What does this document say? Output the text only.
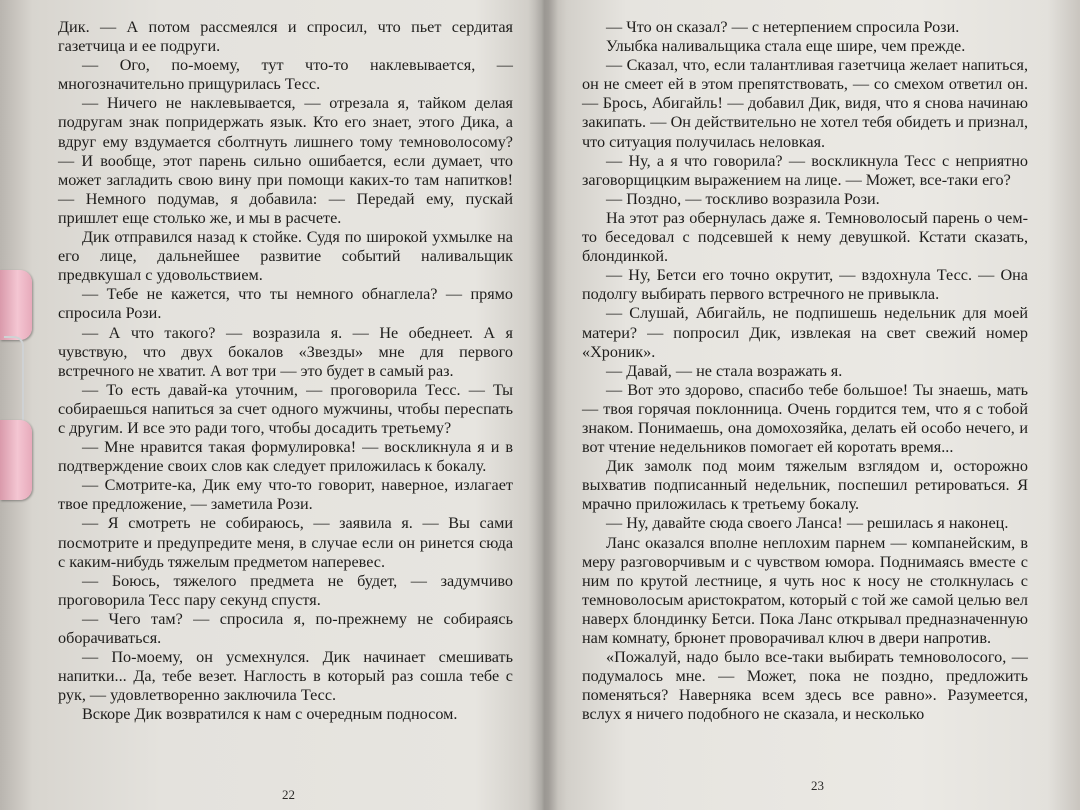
Дик. — А потом рассмеялся и спросил, что пьет сердитая газетчица и ее подруги.

— Ого, по-моему, тут что-то наклевывается, — многозначительно прищурилась Тесс.

— Ничего не наклевывается, — отрезала я, тайком делая подругам знак попридержать язык. Кто его знает, этого Дика, а вдруг ему вздумается сболтнуть лишнего тому темноволосому? — И вообще, этот парень сильно ошибается, если думает, что может загладить свою вину при помощи каких-то там напитков! — Немного подумав, я добавила: — Передай ему, пускай пришлет еще столько же, и мы в расчете.

Дик отправился назад к стойке. Судя по широкой ухмылке на его лице, дальнейшее развитие событий наливальщик предвкушал с удовольствием.

— Тебе не кажется, что ты немного обнаглела? — прямо спросила Рози.

— А что такого? — возразила я. — Не обеднеет. А я чувствую, что двух бокалов «Звезды» мне для первого встречного не хватит. А вот три — это будет в самый раз.

— То есть давай-ка уточним, — проговорила Тесс. — Ты собираешься напиться за счет одного мужчины, чтобы переспать с другим. И все это ради того, чтобы досадить третьему?

— Мне нравится такая формулировка! — воскликнула я и в подтверждение своих слов как следует приложилась к бокалу.

— Смотрите-ка, Дик ему что-то говорит, наверное, излагает твое предложение, — заметила Рози.

— Я смотреть не собираюсь, — заявила я. — Вы сами посмотрите и предупредите меня, в случае если он ринется сюда с каким-нибудь тяжелым предметом наперевес.

— Боюсь, тяжелого предмета не будет, — задумчиво проговорила Тесс пару секунд спустя.

— Чего там? — спросила я, по-прежнему не собираясь оборачиваться.

— По-моему, он усмехнулся. Дик начинает смешивать напитки... Да, тебе везет. Наглость в который раз сошла тебе с рук, — удовлетворенно заключила Тесс.

Вскоре Дик возвратился к нам с очередным подносом.

22

— Что он сказал? — с нетерпением спросила Рози.

Улыбка наливальщика стала еще шире, чем прежде.

— Сказал, что, если талантливая газетчица желает напиться, он не смеет ей в этом препятствовать, — со смехом ответил он. — Брось, Абигайль! — добавил Дик, видя, что я снова начинаю закипать. — Он действительно не хотел тебя обидеть и признал, что ситуация получилась неловкая.

— Ну, а я что говорила? — воскликнула Тесс с неприятно заговорщицким выражением на лице. — Может, все-таки его?

— Поздно, — тоскливо возразила Рози.

На этот раз обернулась даже я. Темноволосый парень о чем-то беседовал с подсевшей к нему девушкой. Кстати сказать, блондинкой.

— Ну, Бетси его точно окрутит, — вздохнула Тесс. — Она подолгу выбирать первого встречного не привыкла.

— Слушай, Абигайль, не подпишешь недельник для моей матери? — попросил Дик, извлекая на свет свежий номер «Хроник».

— Давай, — не стала возражать я.

— Вот это здорово, спасибо тебе большое! Ты знаешь, мать — твоя горячая поклонница. Очень гордится тем, что я с тобой знаком. Понимаешь, она домохозяйка, делать ей особо нечего, и вот чтение недельников помогает ей коротать время...

Дик замолк под моим тяжелым взглядом и, осторожно выхватив подписанный недельник, поспешил ретироваться. Я мрачно приложилась к третьему бокалу.

— Ну, давайте сюда своего Ланса! — решилась я наконец.

Ланс оказался вполне неплохим парнем — компанейским, в меру разговорчивым и с чувством юмора. Поднимаясь вместе с ним по крутой лестнице, я чуть нос к носу не столкнулась с темноволосым аристократом, который с той же самой целью вел наверх блондинку Бетси. Пока Ланс открывал предназначенную нам комнату, брюнет проворачивал ключ в двери напротив.

«Пожалуй, надо было все-таки выбирать темноволосого, — подумалось мне. — Может, пока не поздно, предложить поменяться? Наверняка всем здесь все равно». Разумеется, вслух я ничего подобного не сказала, и несколько

23
